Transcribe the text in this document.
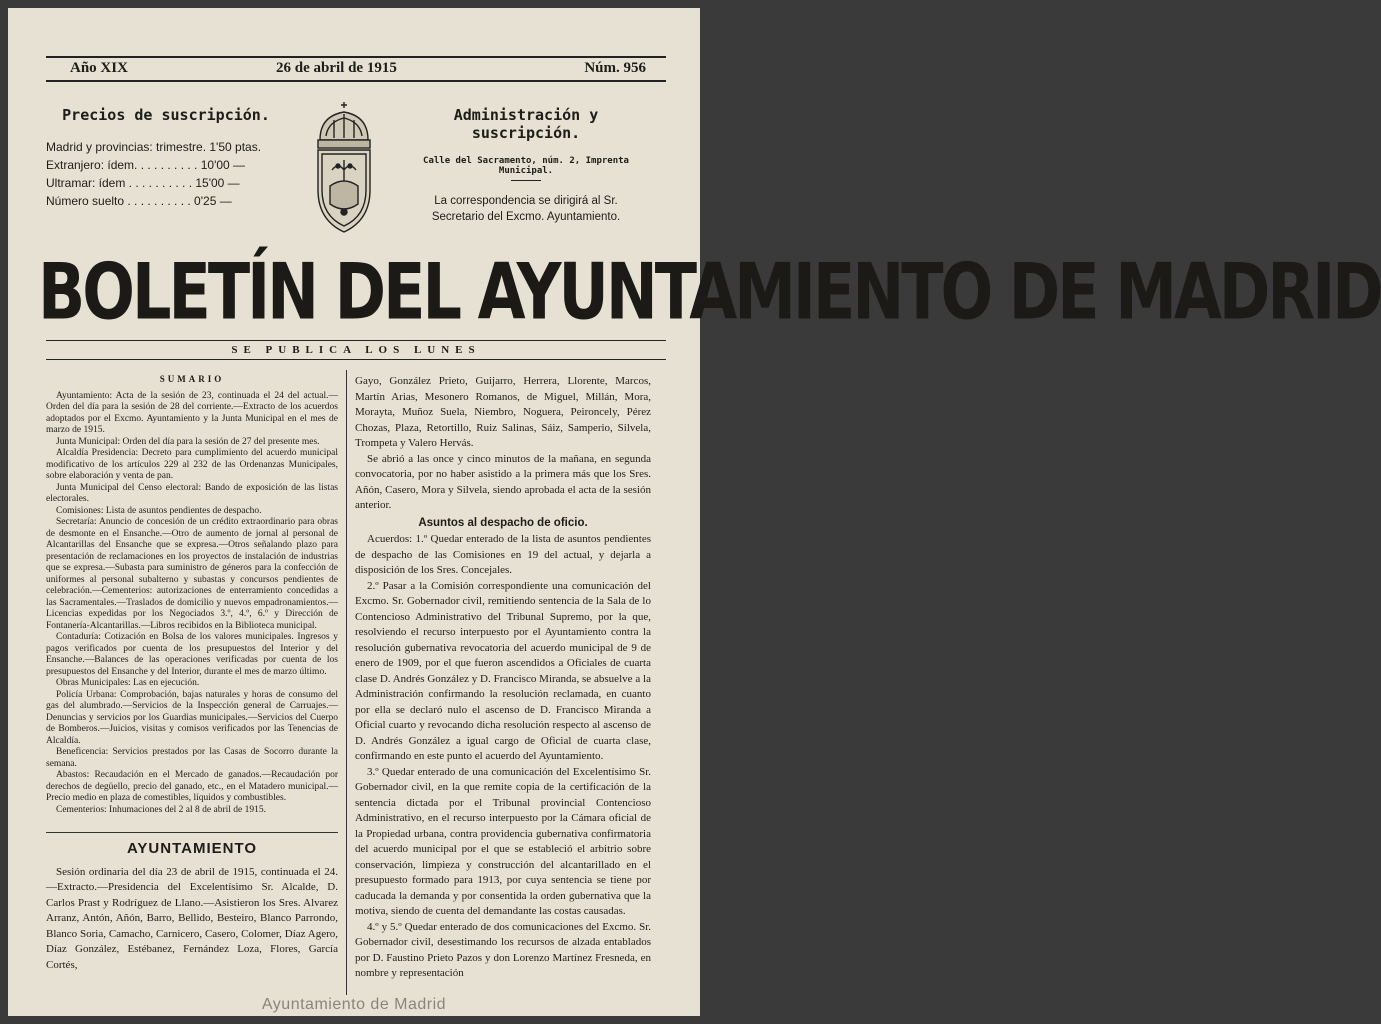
Año XIX	26 de abril de 1915	Núm. 956
Precios de suscripción.
Madrid y provincias: trimestre. 1'50 ptas.
Extranjero: ídem. . . . . . . . . . 10'00 —
Ultramar: ídem . . . . . . . . . . 15'00 —
Número suelto . . . . . . . . . . 0'25 —
Administración y suscripción.
Calle del Sacramento, núm. 2, Imprenta Municipal.
La correspondencia se dirigirá al Sr. Secretario del Excmo. Ayuntamiento.
BOLETÍN DEL AYUNTAMIENTO DE MADRID
SE PUBLICA LOS LUNES
SUMARIO

Ayuntamiento: Acta de la sesión de 23, continuada el 24 del actual.—Orden del día para la sesión de 28 del corriente.—Extracto de los acuerdos adoptados por el Excmo. Ayuntamiento y la Junta Municipal en el mes de marzo de 1915.

Junta Municipal: Orden del día para la sesión de 27 del presente mes.

Alcaldía Presidencia: Decreto para cumplimiento del acuerdo municipal modificativo de los artículos 229 al 232 de las Ordenanzas Municipales, sobre elaboración y venta de pan.

Junta Municipal del Censo electoral: Bando de exposición de las listas electorales.

Comisiones: Lista de asuntos pendientes de despacho.

Secretaría: Anuncio de concesión de un crédito extraordinario para obras de desmonte en el Ensanche.—Otro de aumento de jornal al personal de Alcantarillas del Ensanche que se expresa.—Otros señalando plazo para presentación de reclamaciones en los proyectos de instalación de industrias que se expresa.—Subasta para suministro de géneros para la confección de uniformes al personal subalterno y subastas y concursos pendientes de celebración.—Cementerios: autorizaciones de enterramiento concedidas a las Sacramentales.—Traslados de domicilio y nuevos empadronamientos.—Licencias expedidas por los Negociados 3.º, 4.º, 6.º y Dirección de Fontanería-Alcantarillas.—Libros recibidos en la Biblioteca municipal.

Contaduría: Cotización en Bolsa de los valores municipales. Ingresos y pagos verificados por cuenta de los presupuestos del Interior y del Ensanche.—Balances de las operaciones verificadas por cuenta de los presupuestos del Ensanche y del Interior, durante el mes de marzo último.

Obras Municipales: Las en ejecución.

Policía Urbana: Comprobación, bajas naturales y horas de consumo del gas del alumbrado.—Servicios de la Inspección general de Carruajes.—Denuncias y servicios por los Guardias municipales.—Servicios del Cuerpo de Bomberos.—Juicios, visitas y comisos verificados por las Tenencias de Alcaldía.

Beneficencia: Servicios prestados por las Casas de Socorro durante la semana.

Abastos: Recaudación en el Mercado de ganados.—Recaudación por derechos de degüello, precio del ganado, etc., en el Matadero municipal.—Precio medio en plaza de comestibles, líquidos y combustibles.

Cementerios: Inhumaciones del 2 al 8 de abril de 1915.

AYUNTAMIENTO

Sesión ordinaria del día 23 de abril de 1915, continuada el 24.—Extracto.—Presidencia del Excelentísimo Sr. Alcalde, D. Carlos Prast y Rodríguez de Llano.—Asistieron los Sres. Alvarez Arranz, Antón, Añón, Barro, Bellido, Besteiro, Blanco Parrondo, Blanco Soria, Camacho, Carnicero, Casero, Colomer, Díaz Agero, Díaz González, Estébanez, Fernández Loza, Flores, García Cortés,

Gayo, González Prieto, Guijarro, Herrera, Llorente, Marcos, Martín Arias, Mesonero Romanos, de Miguel, Millán, Mora, Morayta, Muñoz Suela, Niembro, Noguera, Peironcely, Pérez Chozas, Plaza, Retortillo, Ruiz Salinas, Sáiz, Samperio, Silvela, Trompeta y Valero Hervás.

Se abrió a las once y cinco minutos de la mañana, en segunda convocatoria, por no haber asistido a la primera más que los Sres. Añón, Casero, Mora y Silvela, siendo aprobada el acta de la sesión anterior.

Asuntos al despacho de oficio.

Acuerdos: 1.º Quedar enterado de la lista de asuntos pendientes de despacho de las Comisiones en 19 del actual, y dejarla a disposición de los Sres. Concejales.

2.º Pasar a la Comisión correspondiente una comunicación del Excmo. Sr. Gobernador civil, remitiendo sentencia de la Sala de lo Contencioso Administrativo del Tribunal Supremo, por la que, resolviendo el recurso interpuesto por el Ayuntamiento contra la resolución gubernativa revocatoria del acuerdo municipal de 9 de enero de 1909, por el que fueron ascendidos a Oficiales de cuarta clase D. Andrés González y D. Francisco Miranda, se absuelve a la Administración confirmando la resolución reclamada, en cuanto por ella se declaró nulo el ascenso de D. Francisco Miranda a Oficial cuarto y revocando dicha resolución respecto al ascenso de D. Andrés González a igual cargo de Oficial de cuarta clase, confirmando en este punto el acuerdo del Ayuntamiento.

3.º Quedar enterado de una comunicación del Excelentísimo Sr. Gobernador civil, en la que remite copia de la certificación de la sentencia dictada por el Tribunal provincial Contencioso Administrativo, en el recurso interpuesto por la Cámara oficial de la Propiedad urbana, contra providencia gubernativa confirmatoria del acuerdo municipal por el que se estableció el arbitrio sobre conservación, limpieza y construcción del alcantarillado en el presupuesto formado para 1913, por cuya sentencia se tiene por caducada la demanda y por consentida la orden gubernativa que la motiva, siendo de cuenta del demandante las costas causadas.

4.º y 5.º Quedar enterado de dos comunicaciones del Excmo. Sr. Gobernador civil, desestimando los recursos de alzada entablados por D. Faustino Prieto Pazos y don Lorenzo Martínez Fresneda, en nombre y representación

Ayuntamiento de Madrid
